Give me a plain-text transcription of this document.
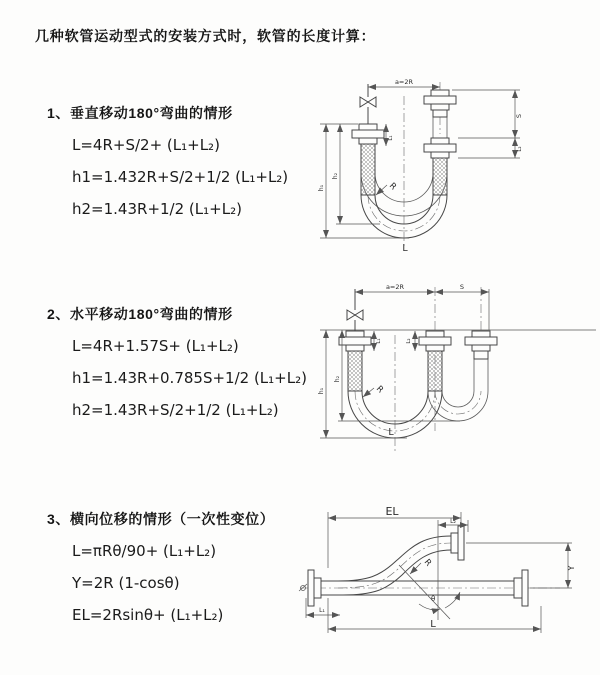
几种软管运动型式的安装方式时，软管的长度计算：
1、垂直移动180°弯曲的情形
L=4R+S/2+ (L₁+L₂)
h1=1.432R+S/2+1/2 (L₁+L₂)
h2=1.43R+1/2 (L₁+L₂)
2、水平移动180°弯曲的情形
L=4R+1.57S+ (L₁+L₂)
h1=1.43R+0.785S+1/2 (L₁+L₂)
h2=1.43R+S/2+1/2 (L₁+L₂)
3、横向位移的情形（一次性变位）
L=πRθ/90+ (L₁+L₂)
Y=2R (1-cosθ)
EL=2Rsinθ+ (L₁+L₂)
a=2R
L₁
h₁
h₂
S
L₂
R
L
a=2R	S
h₁
h₂
L₁	L₂
R
L
θ
EL
L₂
Y
R
L
L₁
